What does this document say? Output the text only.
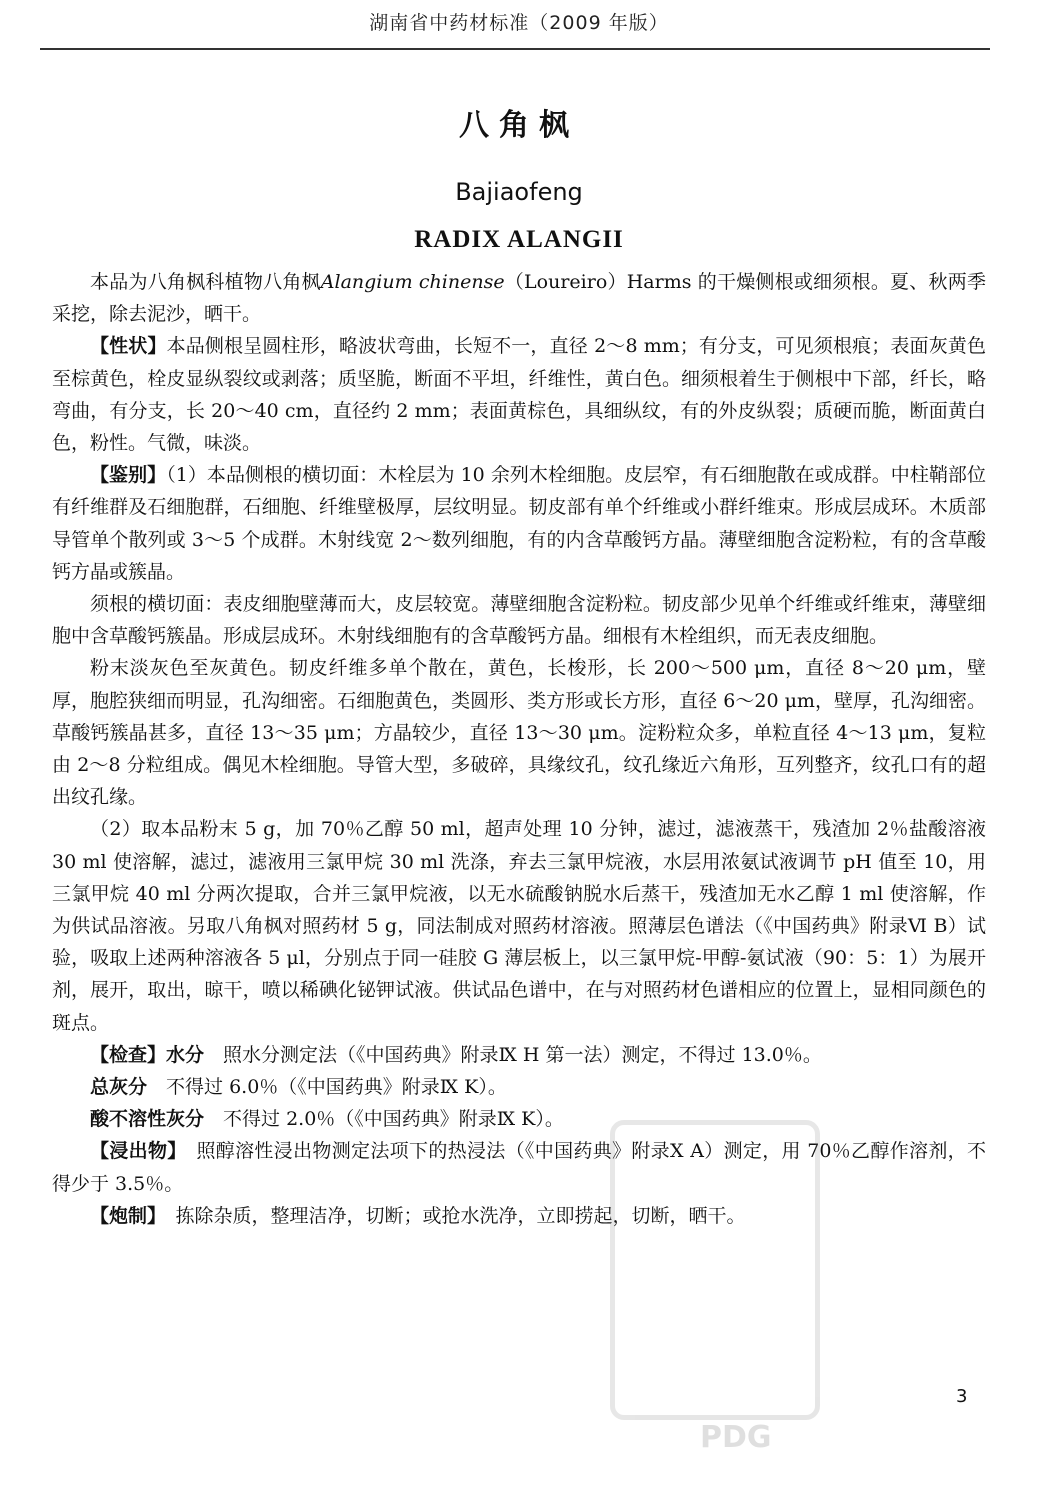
湖南省中药材标准（2009 年版）
八角枫
Bajiaofeng
RADIX ALANGII

本品为八角枫科植物八角枫Alangium chinense（Loureiro）Harms 的干燥侧根或细须根。夏、秋两季采挖，除去泥沙，晒干。

【性状】本品侧根呈圆柱形，略波状弯曲，长短不一，直径 2～8 mm；有分支，可见须根痕；表面灰黄色至棕黄色，栓皮显纵裂纹或剥落；质坚脆，断面不平坦，纤维性，黄白色。细须根着生于侧根中下部，纤长，略弯曲，有分支，长 20～40 cm，直径约 2 mm；表面黄棕色，具细纵纹，有的外皮纵裂；质硬而脆，断面黄白色，粉性。气微，味淡。

【鉴别】（1）本品侧根的横切面：木栓层为 10 余列木栓细胞。皮层窄，有石细胞散在或成群。中柱鞘部位有纤维群及石细胞群，石细胞、纤维壁极厚，层纹明显。韧皮部有单个纤维或小群纤维束。形成层成环。木质部导管单个散列或 3～5 个成群。木射线宽 2～数列细胞，有的内含草酸钙方晶。薄壁细胞含淀粉粒，有的含草酸钙方晶或簇晶。

须根的横切面：表皮细胞壁薄而大，皮层较宽。薄壁细胞含淀粉粒。韧皮部少见单个纤维或纤维束，薄壁细胞中含草酸钙簇晶。形成层成环。木射线细胞有的含草酸钙方晶。细根有木栓组织，而无表皮细胞。

粉末淡灰色至灰黄色。韧皮纤维多单个散在，黄色，长梭形，长 200～500 μm，直径 8～20 μm，壁厚，胞腔狭细而明显，孔沟细密。石细胞黄色，类圆形、类方形或长方形，直径 6～20 μm，壁厚，孔沟细密。草酸钙簇晶甚多，直径 13～35 μm；方晶较少，直径 13～30 μm。淀粉粒众多，单粒直径 4～13 μm，复粒由 2～8 分粒组成。偶见木栓细胞。导管大型，多破碎，具缘纹孔，纹孔缘近六角形，互列整齐，纹孔口有的超出纹孔缘。

（2）取本品粉末 5 g，加 70％乙醇 50 ml，超声处理 10 分钟，滤过，滤液蒸干，残渣加 2％盐酸溶液 30 ml 使溶解，滤过，滤液用三氯甲烷 30 ml 洗涤，弃去三氯甲烷液，水层用浓氨试液调节 pH 值至 10，用三氯甲烷 40 ml 分两次提取，合并三氯甲烷液，以无水硫酸钠脱水后蒸干，残渣加无水乙醇 1 ml 使溶解，作为供试品溶液。另取八角枫对照药材 5 g，同法制成对照药材溶液。照薄层色谱法（《中国药典》附录Ⅵ B）试验，吸取上述两种溶液各 5 μl，分别点于同一硅胶 G 薄层板上，以三氯甲烷-甲醇-氨试液（90：5：1）为展开剂，展开，取出，晾干，喷以稀碘化铋钾试液。供试品色谱中，在与对照药材色谱相应的位置上，显相同颜色的斑点。

【检查】水分　 照水分测定法（《中国药典》附录Ⅸ H 第一法）测定，不得过 13.0％。

总灰分　 不得过 6.0％（《中国药典》附录Ⅸ K）。

酸不溶性灰分　 不得过 2.0％（《中国药典》附录Ⅸ K）。

【浸出物】　 照醇溶性浸出物测定法项下的热浸法（《中国药典》附录Ⅹ A）测定，用 70％乙醇作溶剂，不得少于 3.5％。

【炮制】　 拣除杂质，整理洁净，切断；或抢水洗净，立即捞起，切断，晒干。

PDG
3
